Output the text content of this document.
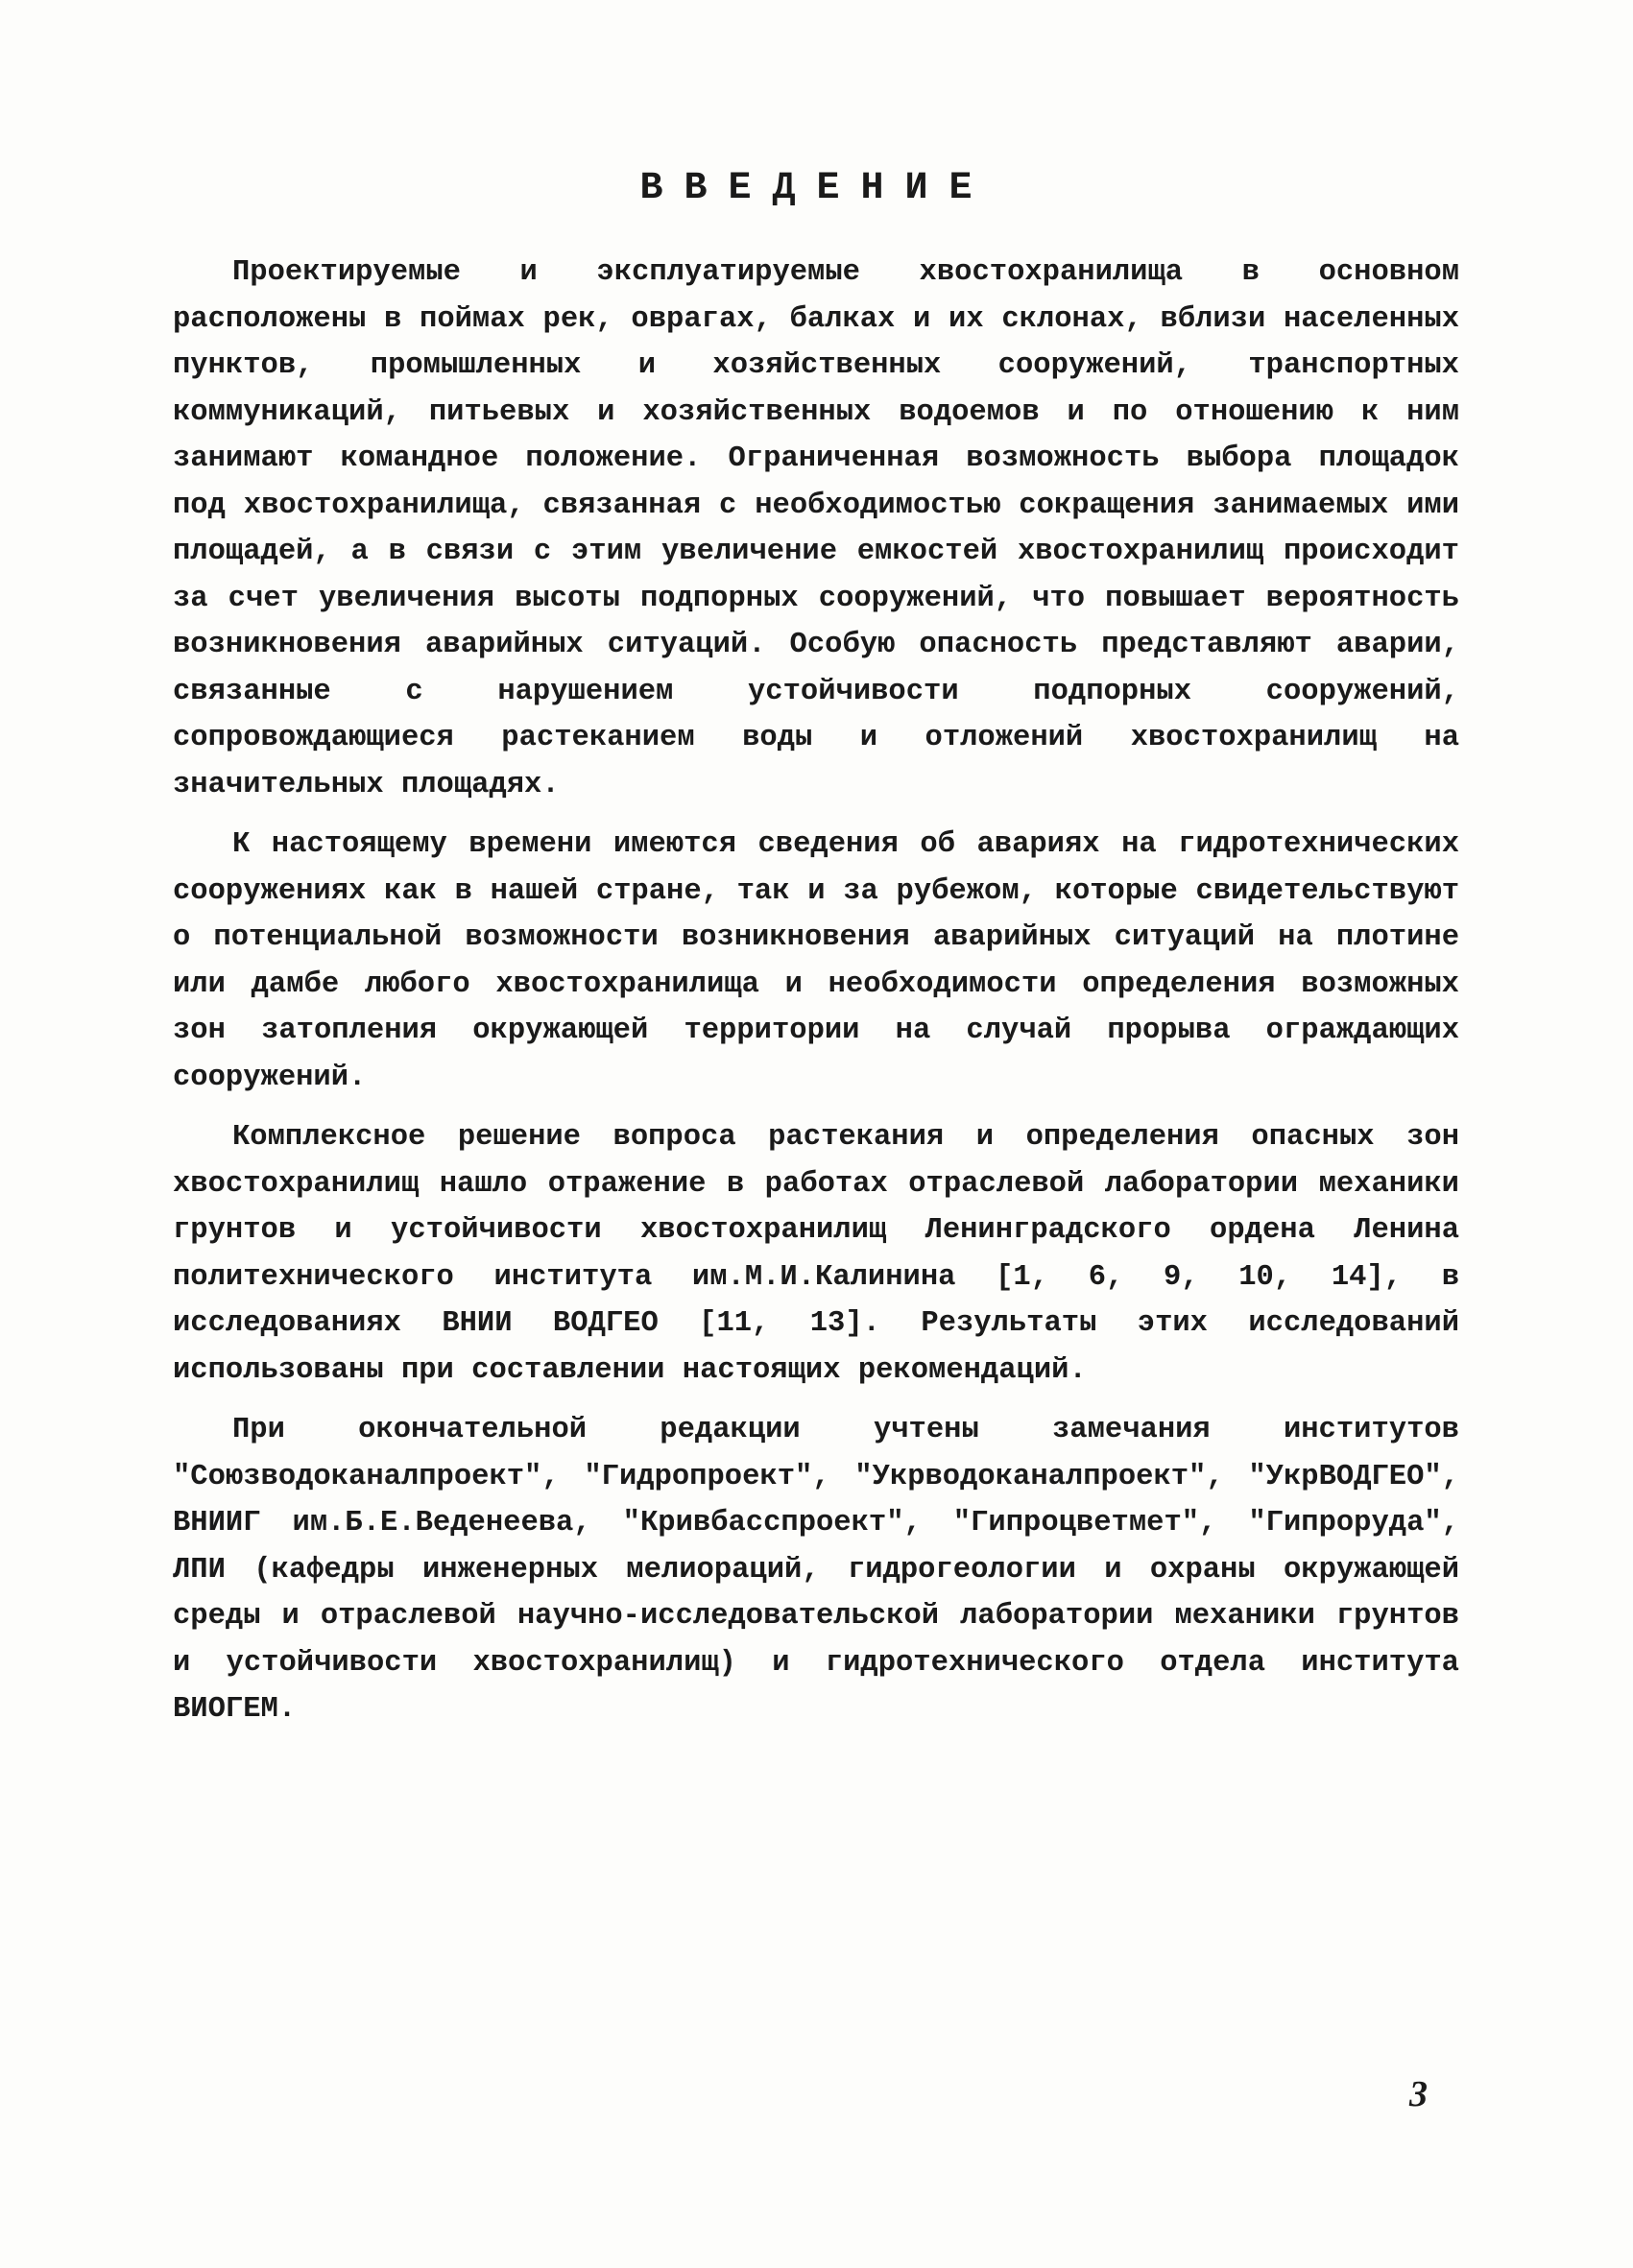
ВВЕДЕНИЕ

Проектируемые и эксплуатируемые хвостохранилища в основном расположены в поймах рек, оврагах, балках и их склонах, вблизи населенных пунктов, промышленных и хозяйственных сооружений, транспортных коммуникаций, питьевых и хозяйственных водоемов и по отношению к ним занимают командное положение. Ограниченная возможность выбора площадок под хвостохранилища, связанная с необходимостью сокращения занимаемых ими площадей, а в связи с этим увеличение емкостей хвостохранилищ происходит за счет увеличения высоты подпорных сооружений, что повышает вероятность возникновения аварийных ситуаций. Особую опасность представляют аварии, связанные с нарушением устойчивости подпорных сооружений, сопровождающиеся растеканием воды и отложений хвостохранилищ на значительных площадях.

К настоящему времени имеются сведения об авариях на гидротехнических сооружениях как в нашей стране, так и за рубежом, которые свидетельствуют о потенциальной возможности возникновения аварийных ситуаций на плотине или дамбе любого хвостохранилища и необходимости определения возможных зон затопления окружающей территории на случай прорыва ограждающих сооружений.

Комплексное решение вопроса растекания и определения опасных зон хвостохранилищ нашло отражение в работах отраслевой лаборатории механики грунтов и устойчивости хвостохранилищ Ленинградского ордена Ленина политехнического института им.М.И.Калинина [1, 6, 9, 10, 14], в исследованиях ВНИИ ВОДГЕО [11, 13]. Результаты этих исследований использованы при составлении настоящих рекомендаций.

При окончательной редакции учтены замечания институтов "Союзводоканалпроект", "Гидропроект", "Укрводоканалпроект", "УкрВОДГЕО", ВНИИГ им.Б.Е.Веденеева, "Кривбасспроект", "Гипроцветмет", "Гипроруда", ЛПИ (кафедры инженерных мелиораций, гидрогеологии и охраны окружающей среды и отраслевой научно-исследовательской лаборатории механики грунтов и устойчивости хвостохранилищ) и гидротехнического отдела института ВИОГЕМ.

3
